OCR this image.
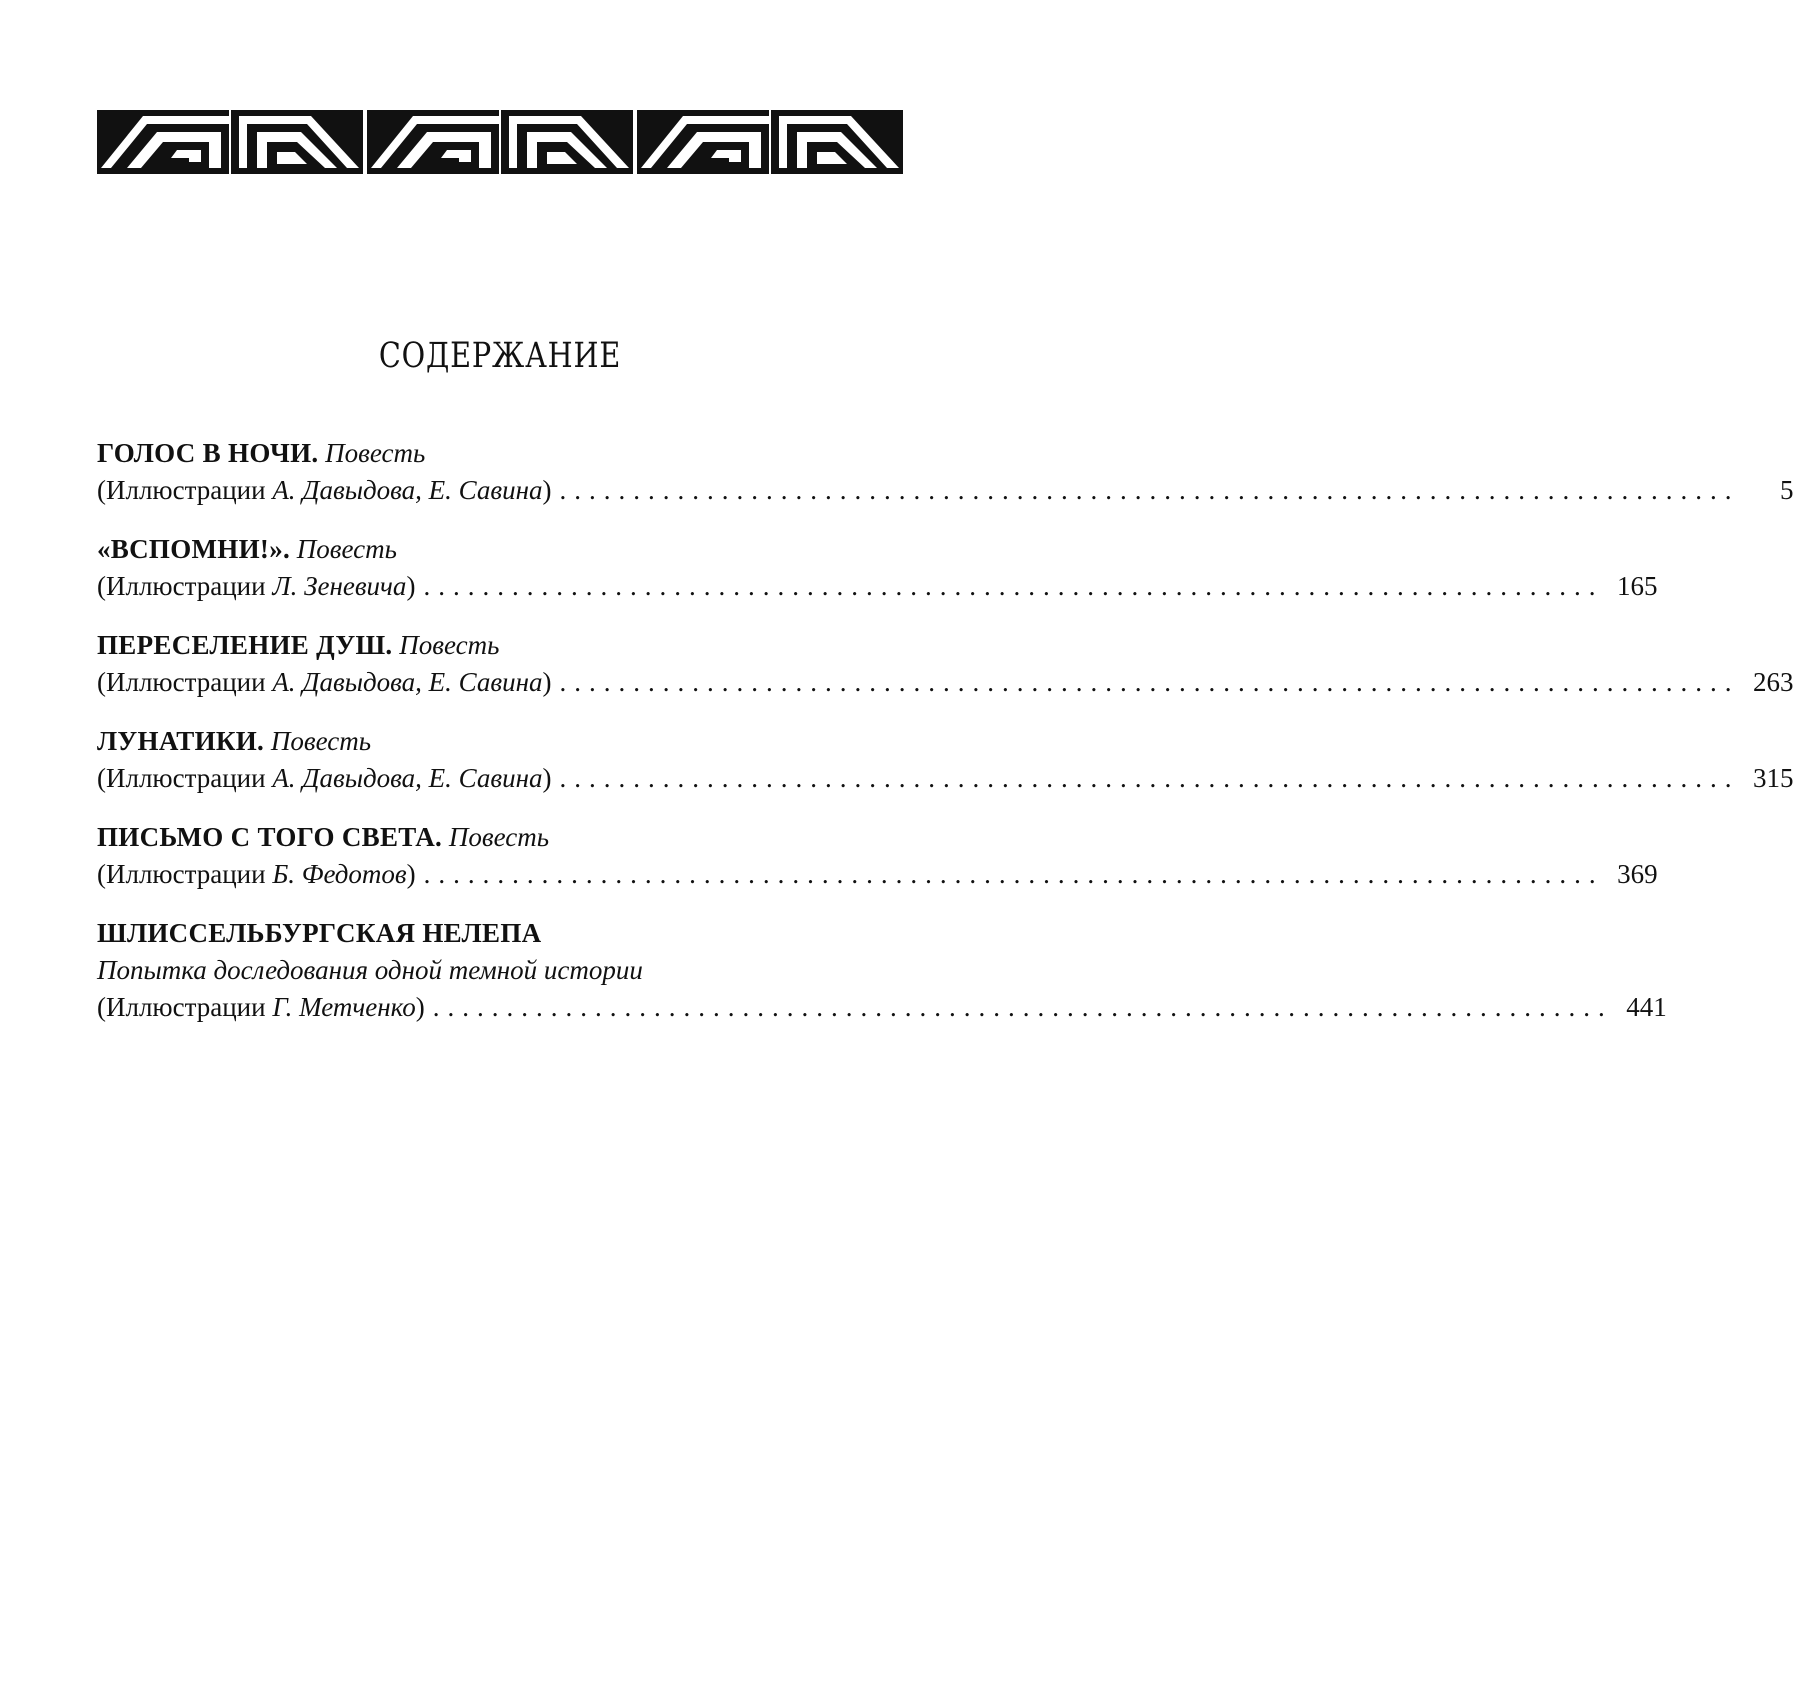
СОДЕРЖАНИЕ
ГОЛОС В НОЧИ. Повесть
(Иллюстрации А. Давыдова, Е. Савина) ................................................................................	5
«ВСПОМНИ!». Повесть
(Иллюстрации Л. Зеневича) ................................................................................ 165
ПЕРЕСЕЛЕНИЕ ДУШ. Повесть
(Иллюстрации А. Давыдова, Е. Савина) ................................................................................ 263
ЛУНАТИКИ. Повесть
(Иллюстрации А. Давыдова, Е. Савина) ................................................................................ 315
ПИСЬМО С ТОГО СВЕТА. Повесть
(Иллюстрации Б. Федотов) ................................................................................ 369
ШЛИССЕЛЬБУРГСКАЯ НЕЛЕПА
Попытка доследования одной темной истории
(Иллюстрации Г. Метченко) ................................................................................ 441
